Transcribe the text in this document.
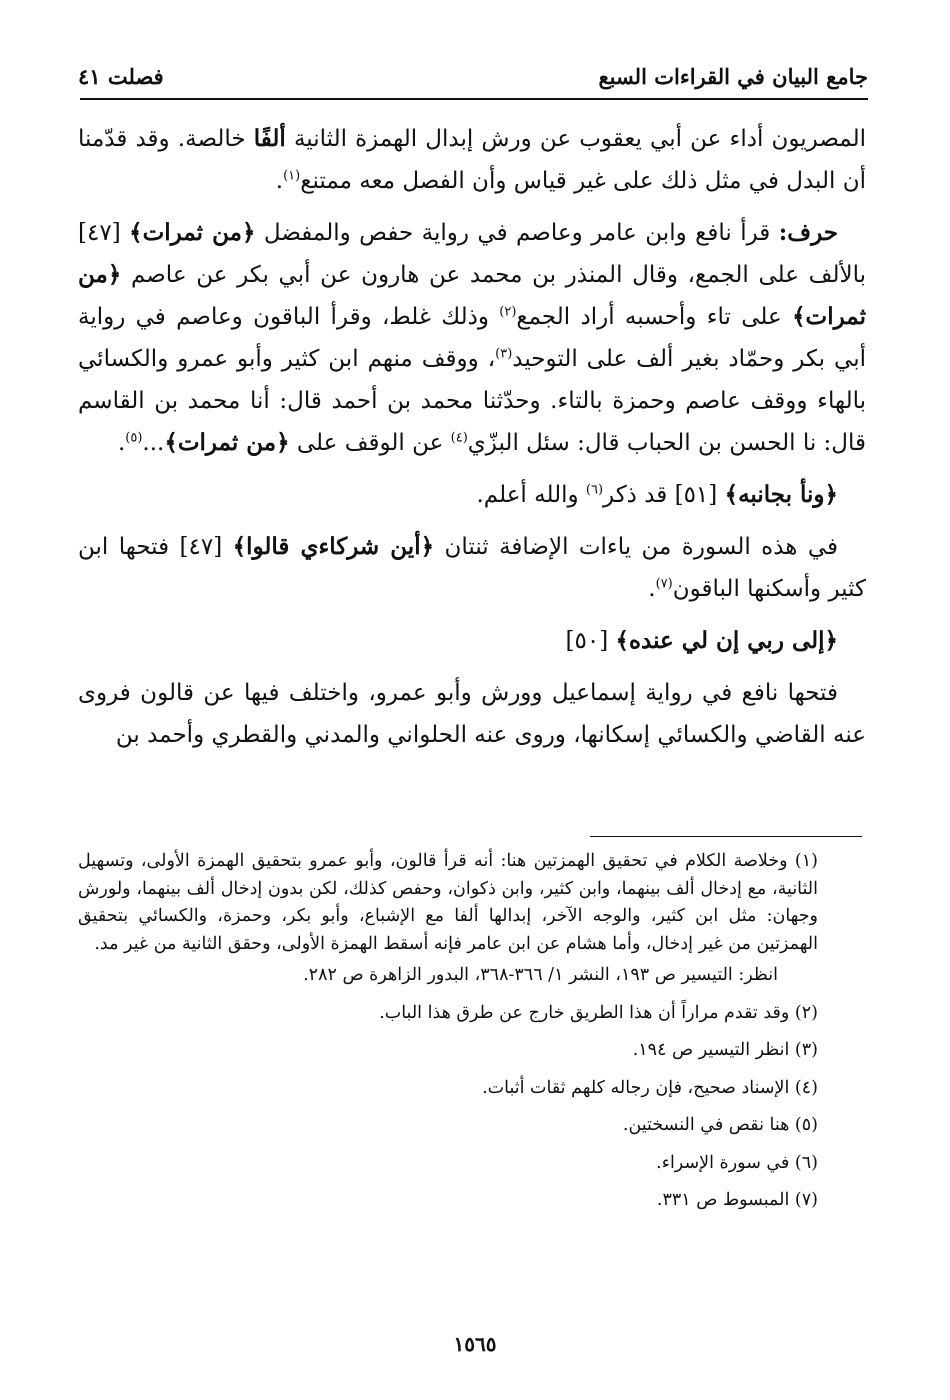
جامع البيان في القراءات السبع
فصلت ٤١

المصريون أداء عن أبي يعقوب عن ورش إبدال الهمزة الثانية ألفًا خالصة. وقد قدّمنا أن البدل في مثل ذلك على غير قياس وأن الفصل معه ممتنع$^{(١)}$.

حرف: قرأ نافع وابن عامر وعاصم في رواية حفص والمفضل ﴿من ثمرات﴾ [٤٧] بالألف على الجمع، وقال المنذر بن محمد عن هارون عن أبي بكر عن عاصم ﴿من ثمرات﴾ على تاء وأحسبه أراد الجمع$^{(٢)}$ وذلك غلط، وقرأ الباقون وعاصم في رواية أبي بكر وحمّاد بغير ألف على التوحيد$^{(٣)}$، ووقف منهم ابن كثير وأبو عمرو والكسائي بالهاء ووقف عاصم وحمزة بالتاء. وحدّثنا محمد بن أحمد قال: أنا محمد بن القاسم قال: نا الحسن بن الحباب قال: سئل البزّي$^{(٤)}$ عن الوقف على ﴿من ثمرات﴾...$^{(٥)}$.

﴿ونأ بجانبه﴾ [٥١] قد ذكر$^{(٦)}$ والله أعلم.

في هذه السورة من ياءات الإضافة ثنتان ﴿أين شركاءي قالوا﴾ [٤٧] فتحها ابن كثير وأسكنها الباقون$^{(٧)}$.

﴿إلى ربي إن لي عنده﴾ [٥٠]

فتحها نافع في رواية إسماعيل وورش وأبو عمرو، واختلف فيها عن قالون فروى عنه القاضي والكسائي إسكانها، وروى عنه الحلواني والمدني والقطري وأحمد بن

(١) وخلاصة الكلام في تحقيق الهمزتين هنا: أنه قرأ قالون، وأبو عمرو بتحقيق الهمزة الأولى، وتسهيل الثانية، مع إدخال ألف بينهما، وابن كثير، وابن ذكوان، وحفص كذلك، لكن بدون إدخال ألف بينهما، ولورش وجهان: مثل ابن كثير، والوجه الآخر، إبدالها ألفا مع الإشباع، وأبو بكر، وحمزة، والكسائي بتحقيق الهمزتين من غير إدخال، وأما هشام عن ابن عامر فإنه أسقط الهمزة الأولى، وحقق الثانية من غير مد.
انظر: التيسير ص ١٩٣، النشر ١/ ٣٦٦-٣٦٨، البدور الزاهرة ص ٢٨٢.
(٢) وقد تقدم مراراً أن هذا الطريق خارج عن طرق هذا الباب.
(٣) انظر التيسير ص ١٩٤.
(٤) الإسناد صحيح، فإن رجاله كلهم ثقات أثبات.
(٥) هنا نقص في النسختين.
(٦) في سورة الإسراء.
(٧) المبسوط ص ٣٣١.
١٥٦٥
